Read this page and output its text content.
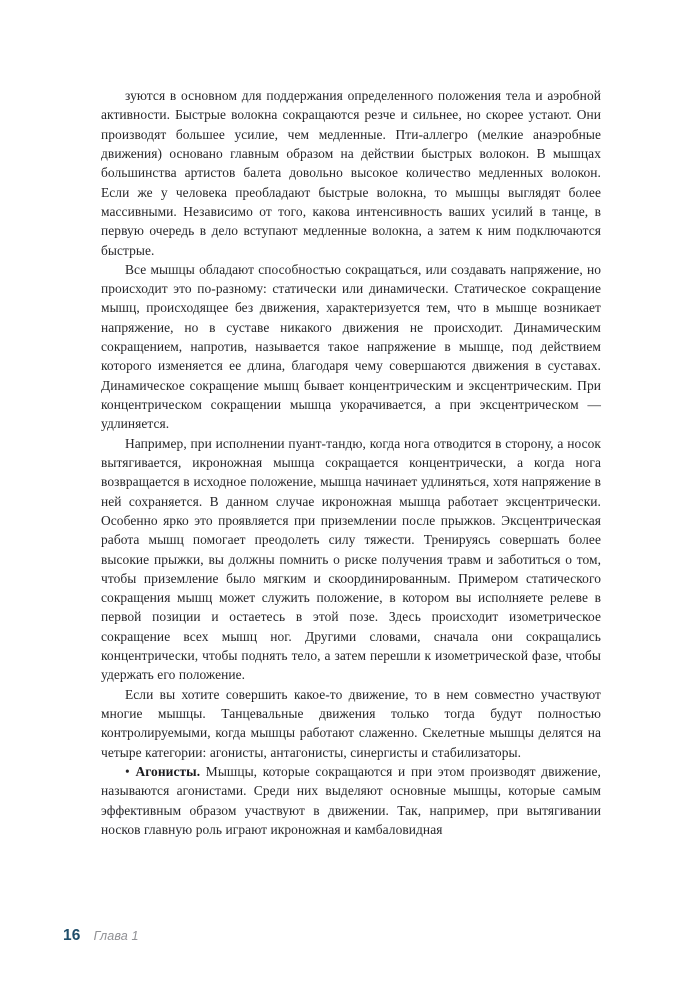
зуются в основном для поддержания определенного положения тела и аэробной активности. Быстрые волокна сокращаются резче и сильнее, но скорее устают. Они производят большее усилие, чем медленные. Пти-аллегро (мелкие анаэробные движения) основано главным образом на действии быстрых волокон. В мышцах большинства артистов балета довольно высокое количество медленных волокон. Если же у человека преобладают быстрые волокна, то мышцы выглядят более массивными. Независимо от того, какова интенсивность ваших усилий в танце, в первую очередь в дело вступают медленные волокна, а затем к ним подключаются быстрые.

Все мышцы обладают способностью сокращаться, или создавать напряжение, но происходит это по-разному: статически или динамически. Статическое сокращение мышц, происходящее без движения, характеризуется тем, что в мышце возникает напряжение, но в суставе никакого движения не происходит. Динамическим сокращением, напротив, называется такое напряжение в мышце, под действием которого изменяется ее длина, благодаря чему совершаются движения в суставах. Динамическое сокращение мышц бывает концентрическим и эксцентрическим. При концентрическом сокращении мышца укорачивается, а при эксцентрическом — удлиняется.

Например, при исполнении пуант-тандю, когда нога отводится в сторону, а носок вытягивается, икроножная мышца сокращается концентрически, а когда нога возвращается в исходное положение, мышца начинает удлиняться, хотя напряжение в ней сохраняется. В данном случае икроножная мышца работает эксцентрически. Особенно ярко это проявляется при приземлении после прыжков. Эксцентрическая работа мышц помогает преодолеть силу тяжести. Тренируясь совершать более высокие прыжки, вы должны помнить о риске получения травм и заботиться о том, чтобы приземление было мягким и скоординированным. Примером статического сокращения мышц может служить положение, в котором вы исполняете релеве в первой позиции и остаетесь в этой позе. Здесь происходит изометрическое сокращение всех мышц ног. Другими словами, сначала они сокращались концентрически, чтобы поднять тело, а затем перешли к изометрической фазе, чтобы удержать его положение.

Если вы хотите совершить какое-то движение, то в нем совместно участвуют многие мышцы. Танцевальные движения только тогда будут полностью контролируемыми, когда мышцы работают слаженно. Скелетные мышцы делятся на четыре категории: агонисты, антагонисты, синергисты и стабилизаторы.

• Агонисты. Мышцы, которые сокращаются и при этом производят движение, называются агонистами. Среди них выделяют основные мышцы, которые самым эффективным образом участвуют в движении. Так, например, при вытягивании носков главную роль играют икроножная и камбаловидная

16 Глава 1
